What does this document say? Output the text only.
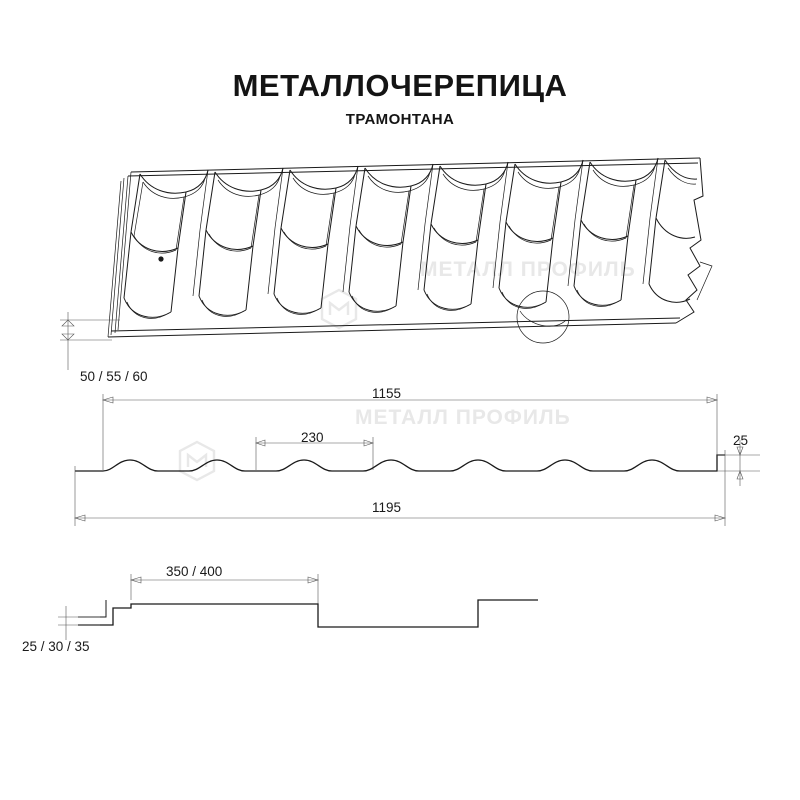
МЕТАЛЛ ПРОФИЛЬ
МЕТАЛЛ ПРОФИЛЬ
МЕТАЛЛОЧЕРЕПИЦА
ТРАМОНТАНА
50 / 55 / 60
1155
230	25
1195
350 / 400
25 / 30 / 35
